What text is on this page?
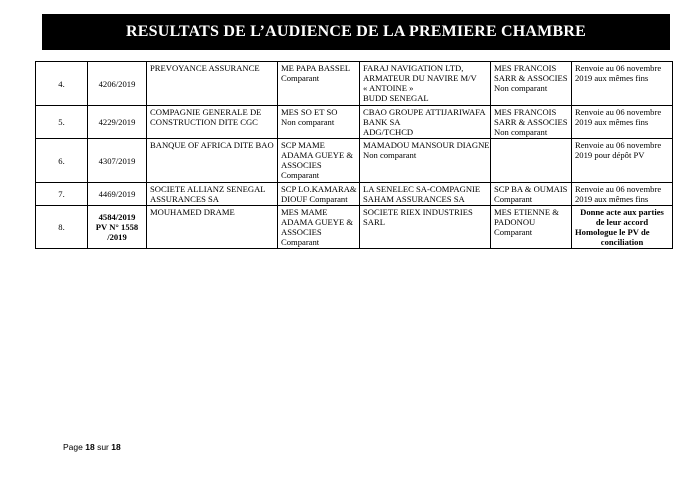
RESULTATS DE L’AUDIENCE DE LA PREMIERE CHAMBRE
4.	4206/2019	PREVOYANCE ASSURANCE	ME PAPA BASSEL
Comparant	FARAJ NAVIGATION LTD,
ARMATEUR DU NAVIRE M/V
« ANTOINE »
BUDD SENEGAL	MES FRANCOIS
SARR & ASSOCIES
Non comparant	Renvoie au 06 novembre
2019 aux mêmes fins

5.	4229/2019	COMPAGNIE GENERALE DE
CONSTRUCTION DITE CGC	MES SO ET SO
Non comparant	CBAO GROUPE ATTIJARIWAFA
BANK SA
ADG/TCHCD	MES FRANCOIS
SARR & ASSOCIES
Non comparant	Renvoie au 06 novembre
2019 aux mêmes fins

6.	4307/2019	BANQUE OF AFRICA DITE BAO	SCP MAME
ADAMA GUEYE &
ASSOCIES
Comparant	MAMADOU MANSOUR DIAGNE
Non comparant		Renvoie au 06 novembre
2019 pour dépôt PV

7.	4469/2019	SOCIETE ALLIANZ SENEGAL
ASSURANCES SA	SCP LO.KAMARA&
DIOUF Comparant	LA SENELEC SA-COMPAGNIE
SAHAM ASSURANCES SA	SCP BA & OUMAIS
Comparant	Renvoie au 06 novembre
2019 aux mêmes fins

8.	4584/2019
PV N° 1558
/2019	MOUHAMED DRAME	MES MAME
ADAMA GUEYE &
ASSOCIES
Comparant	SOCIETE RIEX INDUSTRIES
SARL	MES ETIENNE &
PADONOU
Comparant	Donne acte aux parties
de leur accord
Homologue le PV de
conciliation
Page 18 sur 18
